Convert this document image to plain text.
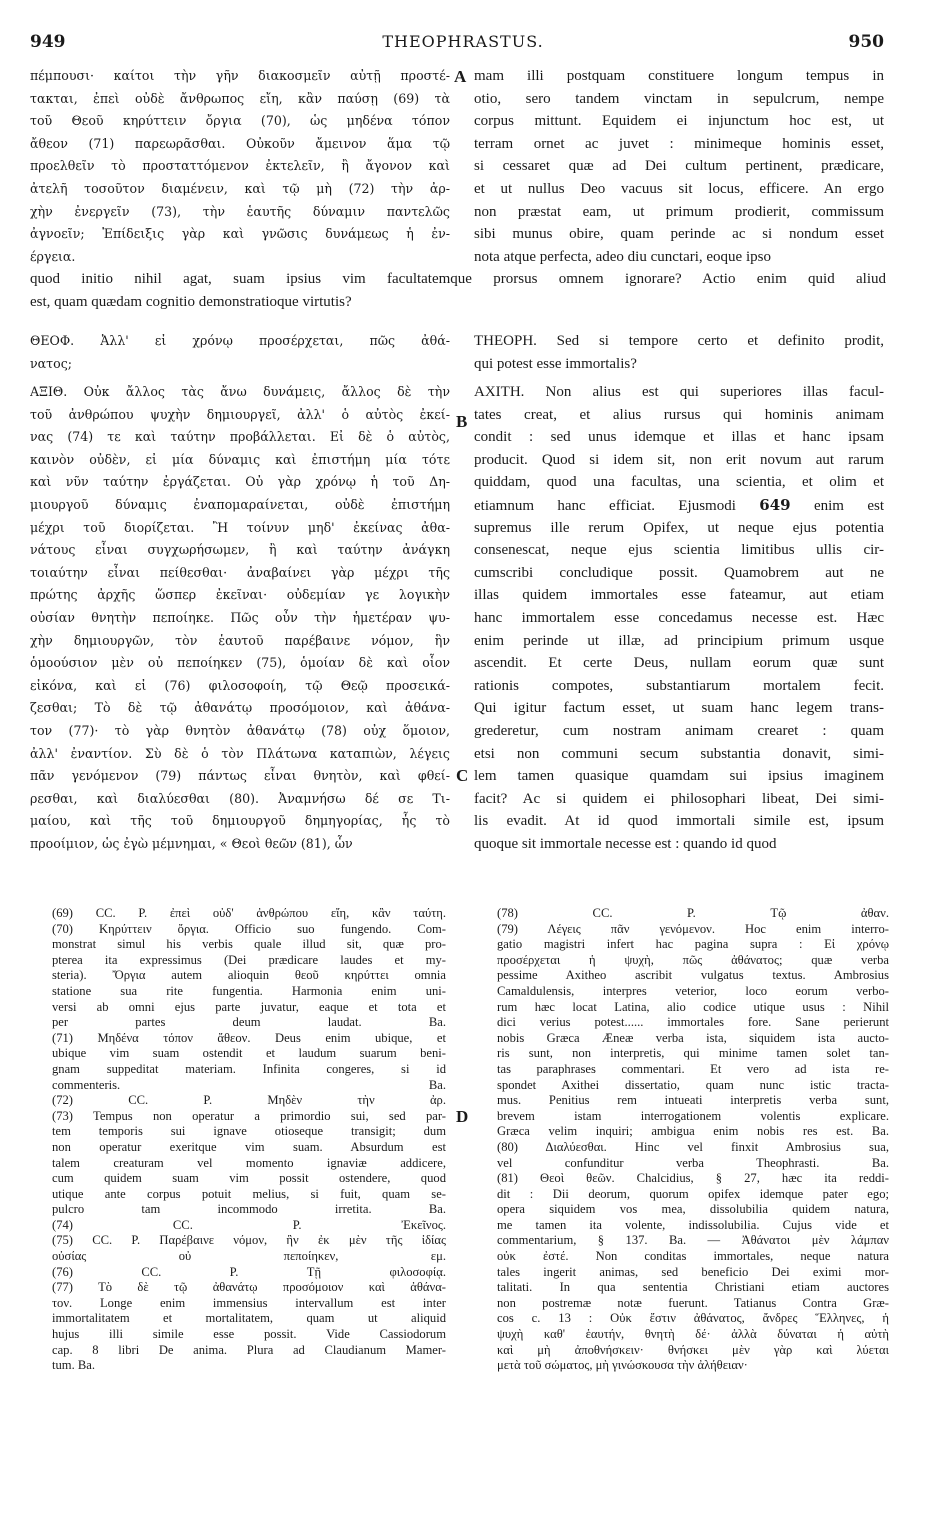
949	THEOPHRASTUS.	950
πέμπουσι· καίτοι τὴν γῆν διακοσμεῖν αὐτῇ προστέ-
τακται, ἐπεὶ οὐδὲ ἄνθρωπος εἴη, κἂν παύσῃ (69) τὰ
τοῦ Θεοῦ κηρύττειν ὄργια (70), ὡς μηδένα τόπον
ἄθεον (71) παρεωρᾶσθαι. Οὐκοῦν ἄμεινον ἅμα τῷ
προελθεῖν τὸ προσταττόμενον ἐκτελεῖν, ἢ ἄγονον καὶ
ἀτελῆ τοσοῦτον διαμένειν, καὶ τῷ μὴ (72) τὴν ἀρ-
χὴν ἐνεργεῖν (73), τὴν ἑαυτῆς δύναμιν παντελῶς
ἀγνοεῖν; Ἐπίδειξις γὰρ καὶ γνῶσις δυνάμεως ἡ ἐν-
έργεια.
mam illi postquam constituere longum tempus in
otio, sero tandem vinctam in sepulcrum, nempe
corpus mittunt. Equidem ei injunctum hoc est, ut
terram ornet ac juvet : minimeque hominis esset,
si cessaret quæ ad Dei cultum pertinent, prædicare,
et ut nullus Deo vacuus sit locus, efficere. An ergo
non præstat eam, ut primum prodierit, commissum
sibi munus obire, quam perinde ac si nondum esset
nota atque perfecta, adeo diu cunctari, eoque ipso
quod initio nihil agat, suam ipsius vim facultatemque prorsus omnem ignorare? Actio enim quid aliud
est, quam quædam cognitio demonstratioque virtutis?
ΘΕΟΦ. Ἀλλ' εἰ χρόνῳ προσέρχεται, πῶς ἀθά-
νατος;
THEOPH. Sed si tempore certo et definito prodit,
qui potest esse immortalis?
ΑΞΙΘ. Οὐκ ἄλλος τὰς ἄνω δυνάμεις, ἄλλος δὲ τὴν
τοῦ ἀνθρώπου ψυχὴν δημιουργεῖ, ἀλλ' ὁ αὐτὸς ἐκεί-
νας (74) τε καὶ ταύτην προβάλλεται. Εἰ δὲ ὁ αὐτὸς,
καινὸν οὐδὲν, εἰ μία δύναμις καὶ ἐπιστήμη μία τότε
καὶ νῦν ταύτην ἐργάζεται. Οὐ γὰρ χρόνῳ ἡ τοῦ Δη-
μιουργοῦ δύναμις ἐναπομαραίνεται, οὐδὲ ἐπιστήμη
μέχρι τοῦ διορίζεται. Ἢ τοίνυν μηδ' ἐκείνας ἀθα-
νάτους εἶναι συγχωρήσωμεν, ἢ καὶ ταύτην ἀνάγκη
τοιαύτην εἶναι πείθεσθαι· ἀναβαίνει γὰρ μέχρι τῆς
πρώτης ἀρχῆς ὥσπερ ἐκεῖναι· οὐδεμίαν γε λογικὴν
οὐσίαν θνητὴν πεποίηκε. Πῶς οὖν τὴν ἡμετέραν ψυ-
χὴν δημιουργῶν, τὸν ἑαυτοῦ παρέβαινε νόμον, ἣν
ὁμοούσιον μὲν οὐ πεποίηκεν (75), ὁμοίαν δὲ καὶ οἷον
εἰκόνα, καὶ εἰ (76) φιλοσοφοίη, τῷ Θεῷ προσεικά-
ζεσθαι; Τὸ δὲ τῷ ἀθανάτῳ προσόμοιον, καὶ ἀθάνα-
τον (77)· τὸ γὰρ θνητὸν ἀθανάτῳ (78) οὐχ ὅμοιον,
ἀλλ' ἐναντίον. Σὺ δὲ ὁ τὸν Πλάτωνα καταπιὼν, λέγεις
πᾶν γενόμενον (79) πάντως εἶναι θνητὸν, καὶ φθεί-
ρεσθαι, καὶ διαλύεσθαι (80). Ἀναμνήσω δέ σε Τι-
μαίου, καὶ τῆς τοῦ δημιουργοῦ δημηγορίας, ἧς τὸ
προοίμιον, ὡς ἐγὼ μέμνημαι, « Θεοὶ θεῶν (81), ὧν
AXITH. Non alius est qui superiores illas facul-
tates creat, et alius rursus qui hominis animam
condit : sed unus idemque et illas et hanc ipsam
producit. Quod si idem sit, non erit novum aut rarum
quiddam, quod una facultas, una scientia, et olim et
etiamnum hanc efficiat. Ejusmodi 649 enim est
supremus ille rerum Opifex, ut neque ejus potentia
consenescat, neque ejus scientia limitibus ullis cir-
cumscribi concludique possit. Quamobrem aut ne
illas quidem immortales esse fateamur, aut etiam
hanc immortalem esse concedamus necesse est. Hæc
enim perinde ut illæ, ad principium primum usque
ascendit. Et certe Deus, nullam eorum quæ sunt
rationis compotes, substantiarum mortalem fecit.
Qui igitur factum esset, ut suam hanc legem trans-
grederetur, cum nostram animam crearet : quam
etsi non communi secum substantia donavit, simi-
lem tamen quasique quamdam sui ipsius imaginem
facit? Ac si quidem ei philosophari libeat, Dei simi-
lis evadit. At id quod immortali simile est, ipsum
quoque sit immortale necesse est : quando id quod
A
B
C
D
(69) CC. P. ἐπεὶ οὐδ' ἀνθρώπου εἴη, κἂν ταύτη.
(70) Κηρύττειν ὄργια. Officio suo fungendo. Com-
monstrat simul his verbis quale illud sit, quæ pro-
pterea ita expressimus (Dei prædicare laudes et my-
steria). Ὄργια autem alioquin θεοῦ κηρύττει omnia
statione sua rite fungentia. Harmonia enim uni-
versi ab omni ejus parte juvatur, eaque et tota et
per partes deum laudat. Ba.
(71) Μηδένα τόπον ἄθεον. Deus enim ubique, et
ubique vim suam ostendit et laudum suarum beni-
gnam suppeditat materiam. Infinita congeres, si id
commenteris. Ba.
(72) CC. P. Μηδὲν τὴν ἀρ.
(73) Tempus non operatur a primordio sui, sed par-
tem temporis sui ignave otioseque transigit; dum
non operatur exeritque vim suam. Absurdum est
talem creaturam vel momento ignaviæ addicere,
cum quidem suam vim possit ostendere, quod
utique ante corpus potuit melius, si fuit, quam se-
pulcro tam incommodo irretita. Ba.
(74) CC. P. Ἐκεῖνος.
(75) CC. P. Παρέβαινε νόμον, ἣν ἐκ μὲν τῆς ἰδίας
οὐσίας οὐ πεποίηκεν, εμ.
(76) CC. P. Τῇ φιλοσοφίᾳ.
(77) Τὸ δὲ τῷ ἀθανάτῳ προσόμοιον καὶ ἀθάνα-
τον. Longe enim immensius intervallum est inter
immortalitatem et mortalitatem, quam ut aliquid
hujus illi simile esse possit. Vide Cassiodorum
cap. 8 libri De anima. Plura ad Claudianum Mamer-
tum. Ba.
(78) CC. P. Τῷ ἀθαν.
(79) Λέγεις πᾶν γενόμενον. Hoc enim interro-
gatio magistri infert hac pagina supra : Εἰ χρόνῳ
προσέρχεται ἡ ψυχὴ, πῶς ἀθάνατος; quæ verba
pessime Axitheo ascribit vulgatus textus. Ambrosius
Camaldulensis, interpres veterior, loco eorum verbo-
rum hæc locat Latina, alio codice utique usus : Nihil
dici verius potest...... immortales fore. Sane perierunt
nobis Græca Æneæ verba ista, siquidem ista aucto-
ris sunt, non interpretis, qui minime tamen solet tan-
tas paraphrases commentari. Et vero ad ista re-
spondet Axithei dissertatio, quam nunc istic tracta-
mus. Penitius rem intueati interpretis verba sunt,
brevem istam interrogationem volentis explicare.
Græca velim inquiri; ambigua enim nobis res est. Ba.
(80) Διαλύεσθαι. Hinc vel finxit Ambrosius sua,
vel confunditur verba Theophrasti. Ba.
(81) Θεοὶ θεῶν. Chalcidius, § 27, hæc ita reddi-
dit : Dii deorum, quorum opifex idemque pater ego;
opera siquidem vos mea, dissolubilia quidem natura,
me tamen ita volente, indissolubilia. Cujus vide et
commentarium, § 137. Ba. — Ἀθάνατοι μὲν λάμπαν
οὐκ ἐστέ. Non conditas immortales, neque natura
tales ingerit animas, sed beneficio Dei eximi mor-
talitati. In qua sententia Christiani etiam auctores
non postremæ notæ fuerunt. Tatianus Contra Græ-
cos c. 13 : Οὐκ ἔστιν ἀθάνατος, ἄνδρες Ἕλληνες, ἡ
ψυχὴ καθ' ἑαυτήν, θνητὴ δέ· ἀλλὰ δύναται ἡ αὐτὴ
καὶ μὴ ἀποθνήσκειν· θνήσκει μὲν γὰρ καὶ λύεται
μετὰ τοῦ σώματος, μὴ γινώσκουσα τὴν ἀλήθειαν·
